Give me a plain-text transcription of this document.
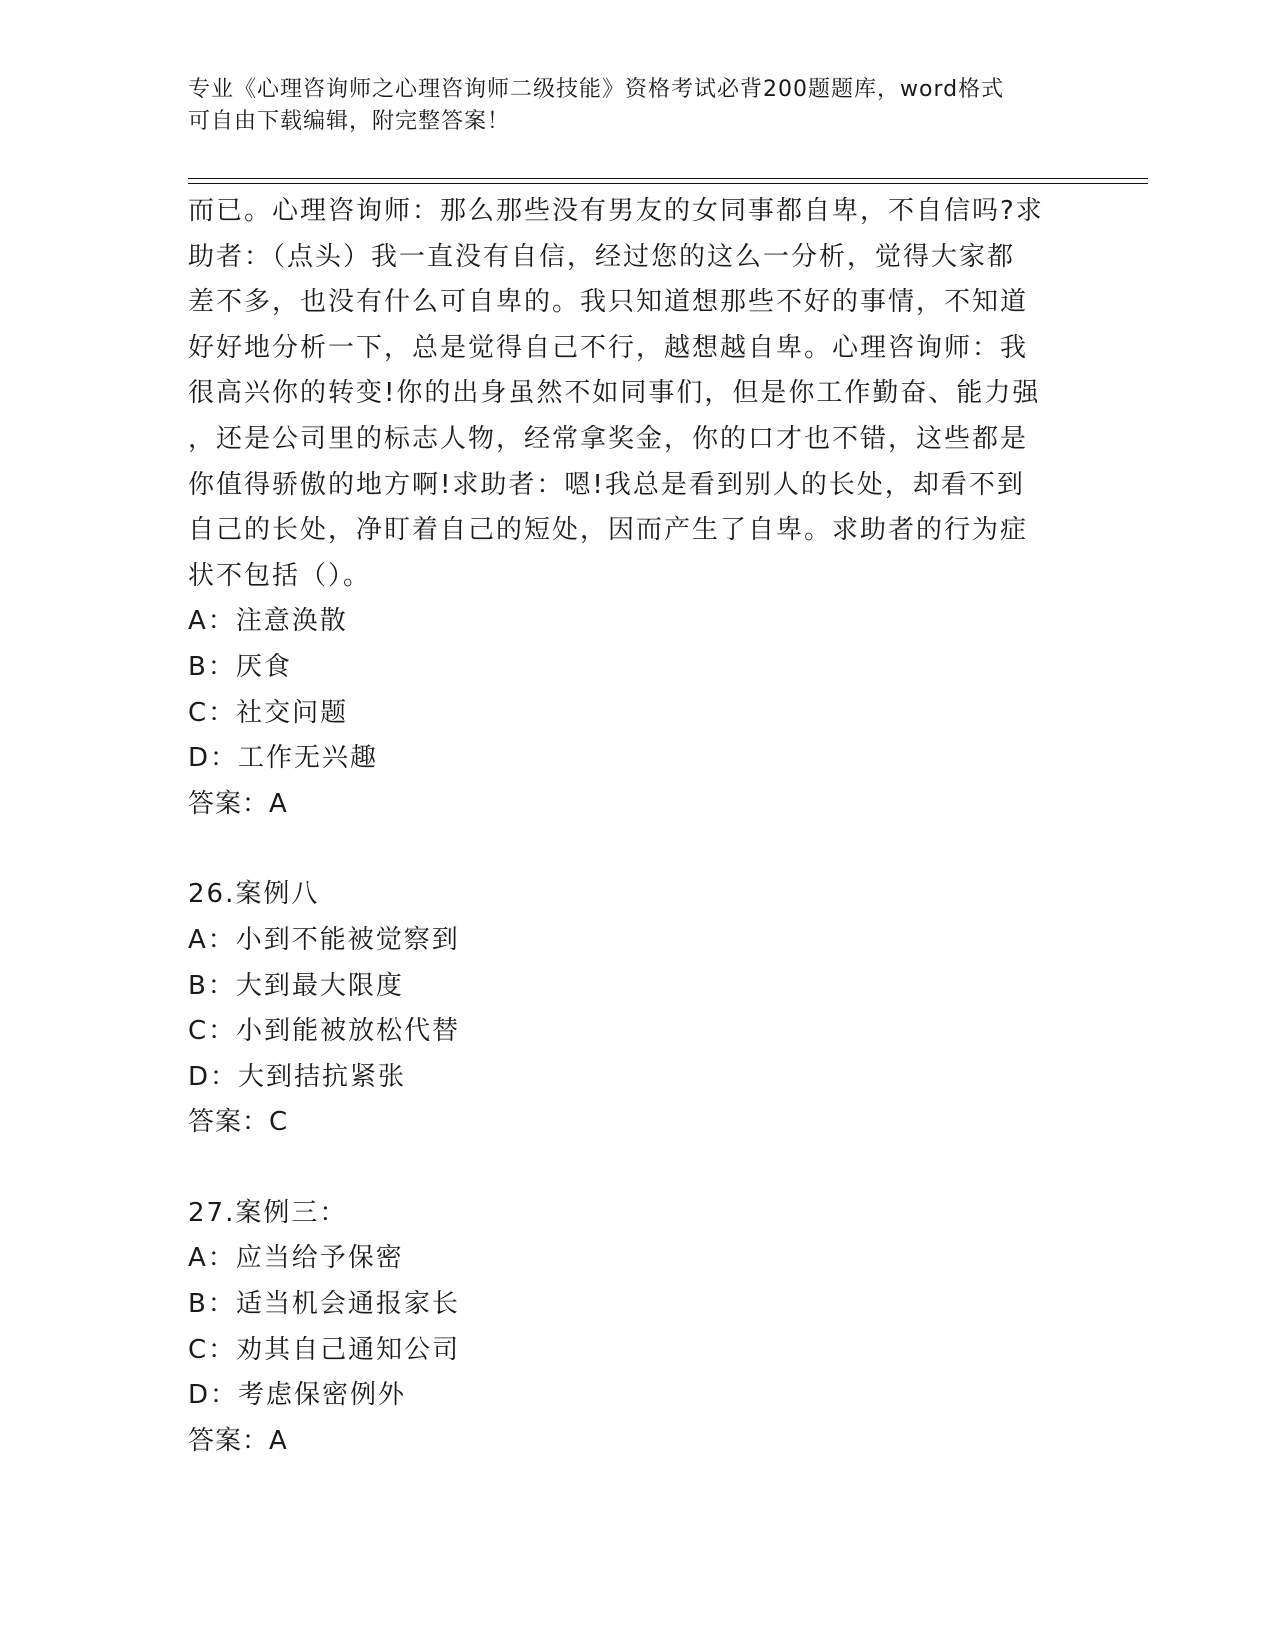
专业《心理咨询师之心理咨询师二级技能》资格考试必背200题题库，word格式
可自由下载编辑，附完整答案！
而已。心理咨询师：那么那些没有男友的女同事都自卑，不自信吗?求
助者：（点头）我一直没有自信，经过您的这么一分析，觉得大家都
差不多，也没有什么可自卑的。我只知道想那些不好的事情，不知道
好好地分析一下，总是觉得自己不行，越想越自卑。心理咨询师：我
很高兴你的转变!你的出身虽然不如同事们，但是你工作勤奋、能力强
，还是公司里的标志人物，经常拿奖金，你的口才也不错，这些都是
你值得骄傲的地方啊!求助者：嗯!我总是看到别人的长处，却看不到
自己的长处，净盯着自己的短处，因而产生了自卑。求助者的行为症
状不包括（）。
A：注意涣散
B：厌食
C：社交问题
D：工作无兴趣
答案：A
26.案例八
A：小到不能被觉察到
B：大到最大限度
C：小到能被放松代替
D：大到拮抗紧张
答案：C
27.案例三：
A：应当给予保密
B：适当机会通报家长
C：劝其自己通知公司
D：考虑保密例外
答案：A
